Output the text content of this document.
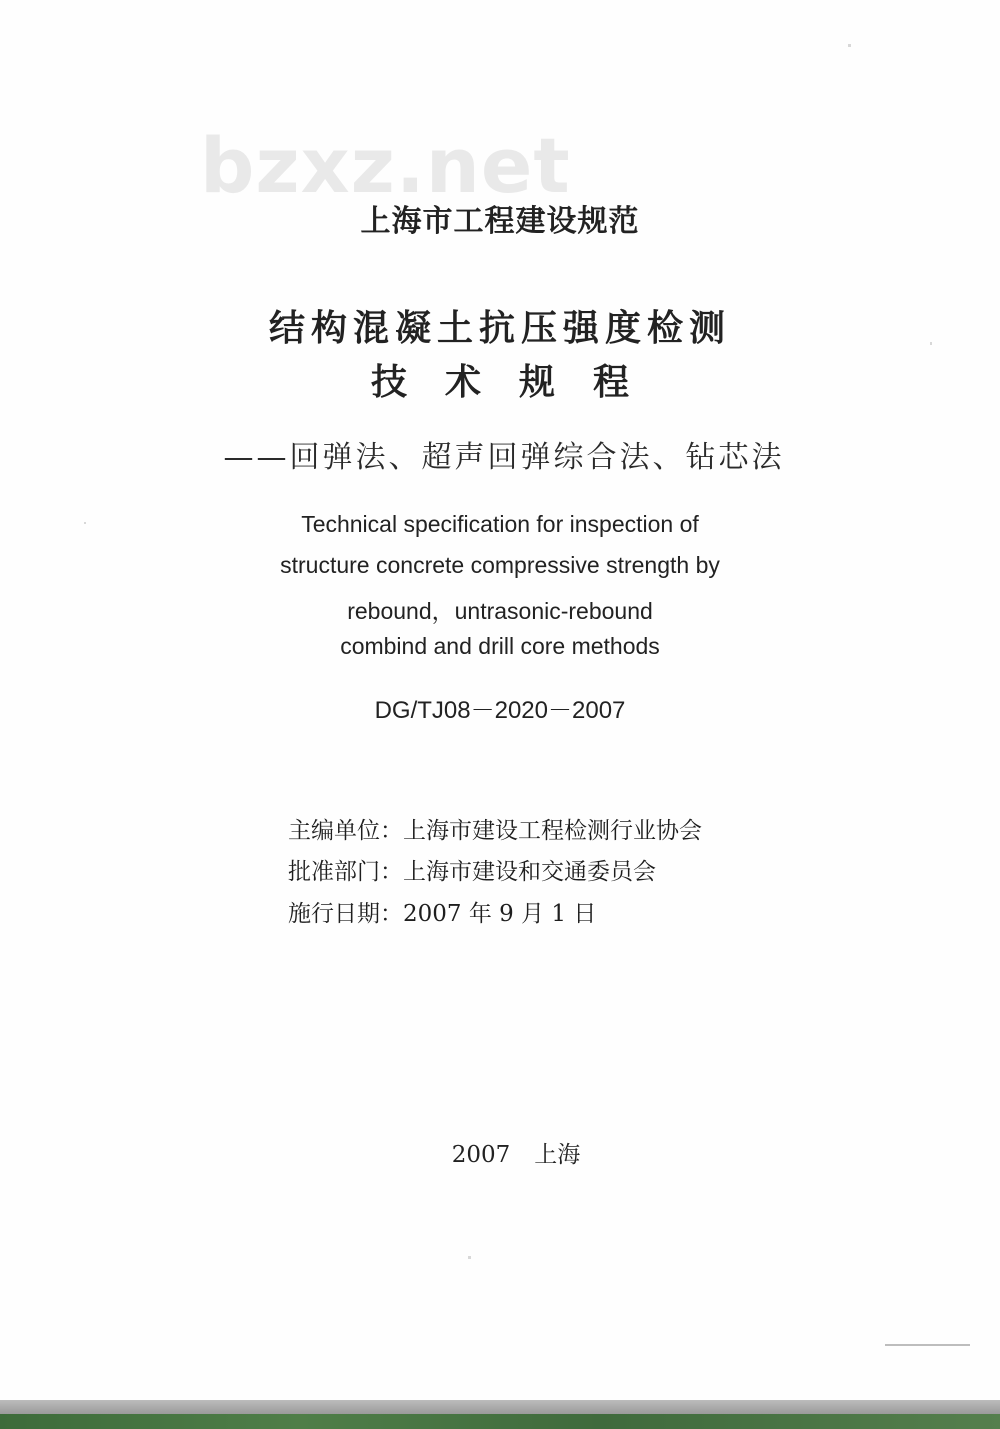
bzxz.net
上海市工程建设规范
结构混凝土抗压强度检测
技术规程
——回弹法、超声回弹综合法、钻芯法
Technical specification for inspection of
structure concrete compressive strength by
rebound，untrasonic-rebound
combind and drill core methods
DG/TJ08－2020－2007
主编单位：上海市建设工程检测行业协会
批准部门：上海市建设和交通委员会
施行日期：2007 年 9 月 1 日
2007 上海
